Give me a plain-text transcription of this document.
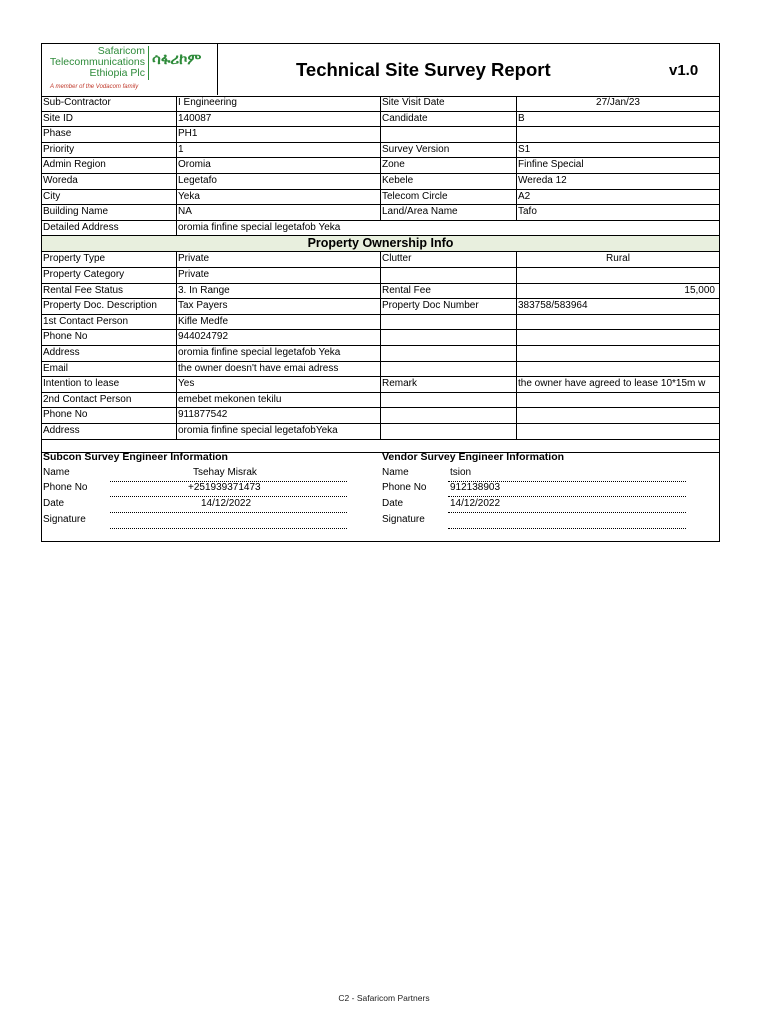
Safaricom
Telecommunications
Ethiopia Plc
ሳፋሪኮም
A member of the Vodacom family
Technical Site Survey Report	v1.0
Sub-Contractor	I Engineering	Site Visit Date	27/Jan/23
Site ID	140087	Candidate	B
Phase	PH1
Priority	1	Survey Version	S1
Admin Region	Oromia	Zone	Finfine Special
Woreda	Legetafo	Kebele	Wereda 12
City	Yeka	Telecom Circle	A2
Building Name	NA	Land/Area Name	Tafo
Detailed Address	oromia finfine special legetafob Yeka
Property Ownership Info
Property Type	Private	Clutter	Rural
Property Category	Private
Rental Fee Status	3. In Range	Rental Fee	15,000
Property Doc. Description	Tax Payers	Property Doc Number	383758/583964
1st Contact Person	Kifle Medfe
Phone No	944024792
Address	oromia finfine special legetafob Yeka
Email	the owner doesn't have emai adress
Intention to lease	Yes	Remark	the owner have agreed to lease 10*15m w
2nd Contact Person	emebet mekonen tekilu
Phone No	911877542
Address	oromia finfine special legetafobYeka
Subcon Survey Engineer Information
Name	Tsehay Misrak
Phone No	+251939371473
Date	14/12/2022
Signature
Vendor Survey Engineer Information
Name	tsion
Phone No 912138903
Date	14/12/2022
Signature
C2 - Safaricom Partners
